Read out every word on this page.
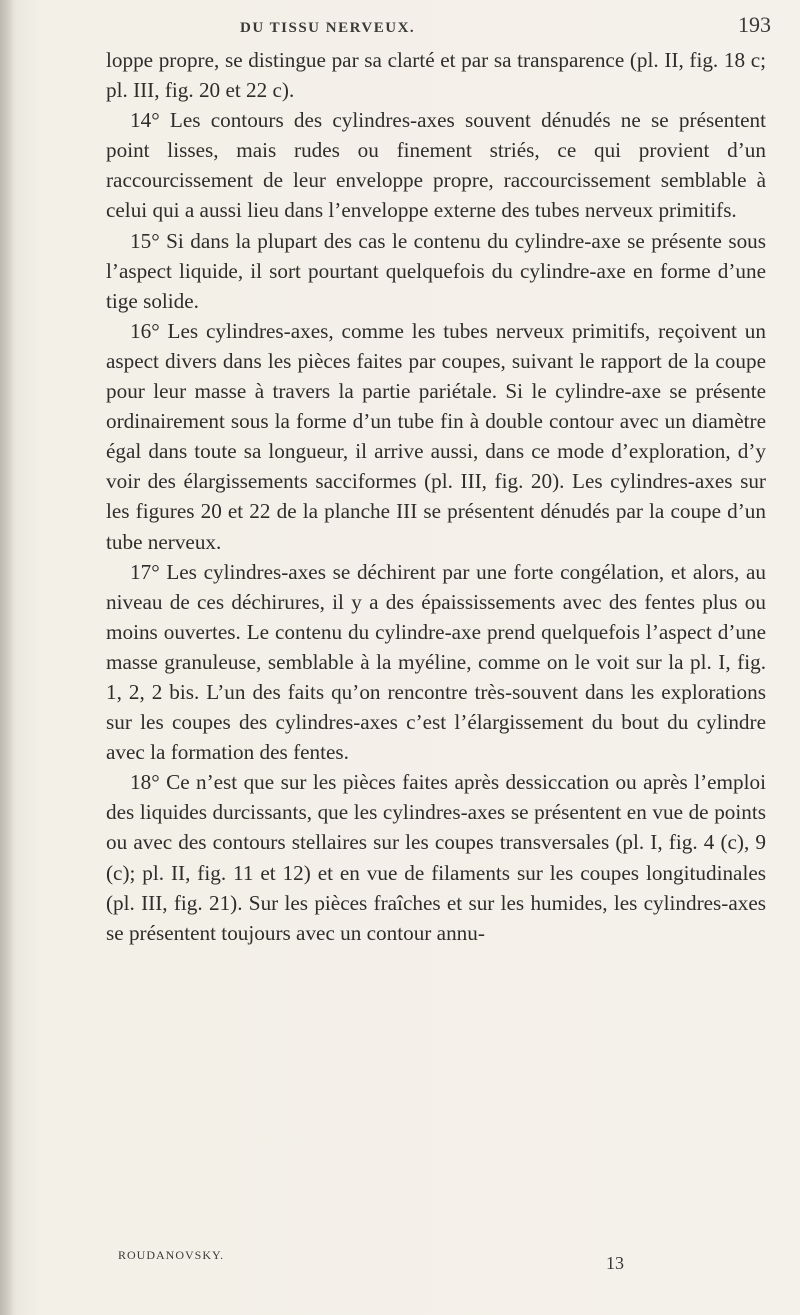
DU TISSU NERVEUX.	193

loppe propre, se distingue par sa clarté et par sa transparence (pl. II, fig. 18 c; pl. III, fig. 20 et 22 c).

14° Les contours des cylindres-axes souvent dénudés ne se présentent point lisses, mais rudes ou finement striés, ce qui provient d’un raccourcissement de leur enveloppe propre, raccourcissement semblable à celui qui a aussi lieu dans l’enveloppe externe des tubes nerveux primitifs.

15° Si dans la plupart des cas le contenu du cylindre-axe se présente sous l’aspect liquide, il sort pourtant quelquefois du cylindre-axe en forme d’une tige solide.

16° Les cylindres-axes, comme les tubes nerveux primitifs, reçoivent un aspect divers dans les pièces faites par coupes, suivant le rapport de la coupe pour leur masse à travers la partie pariétale. Si le cylindre-axe se présente ordinairement sous la forme d’un tube fin à double contour avec un diamètre égal dans toute sa longueur, il arrive aussi, dans ce mode d’exploration, d’y voir des élargissements sacciformes (pl. III, fig. 20). Les cylindres-axes sur les figures 20 et 22 de la planche III se présentent dénudés par la coupe d’un tube nerveux.

17° Les cylindres-axes se déchirent par une forte congélation, et alors, au niveau de ces déchirures, il y a des épaississements avec des fentes plus ou moins ouvertes. Le contenu du cylindre-axe prend quelquefois l’aspect d’une masse granuleuse, semblable à la myéline, comme on le voit sur la pl. I, fig. 1, 2, 2 bis. L’un des faits qu’on rencontre très-souvent dans les explorations sur les coupes des cylindres-axes c’est l’élargissement du bout du cylindre avec la formation des fentes.

18° Ce n’est que sur les pièces faites après dessiccation ou après l’emploi des liquides durcissants, que les cylindres-axes se présentent en vue de points ou avec des contours stellaires sur les coupes transversales (pl. I, fig. 4 (c), 9 (c); pl. II, fig. 11 et 12) et en vue de filaments sur les coupes longitudinales (pl. III, fig. 21). Sur les pièces fraîches et sur les humides, les cylindres-axes se présentent toujours avec un contour annu-

ROUDANOVSKY.	13
